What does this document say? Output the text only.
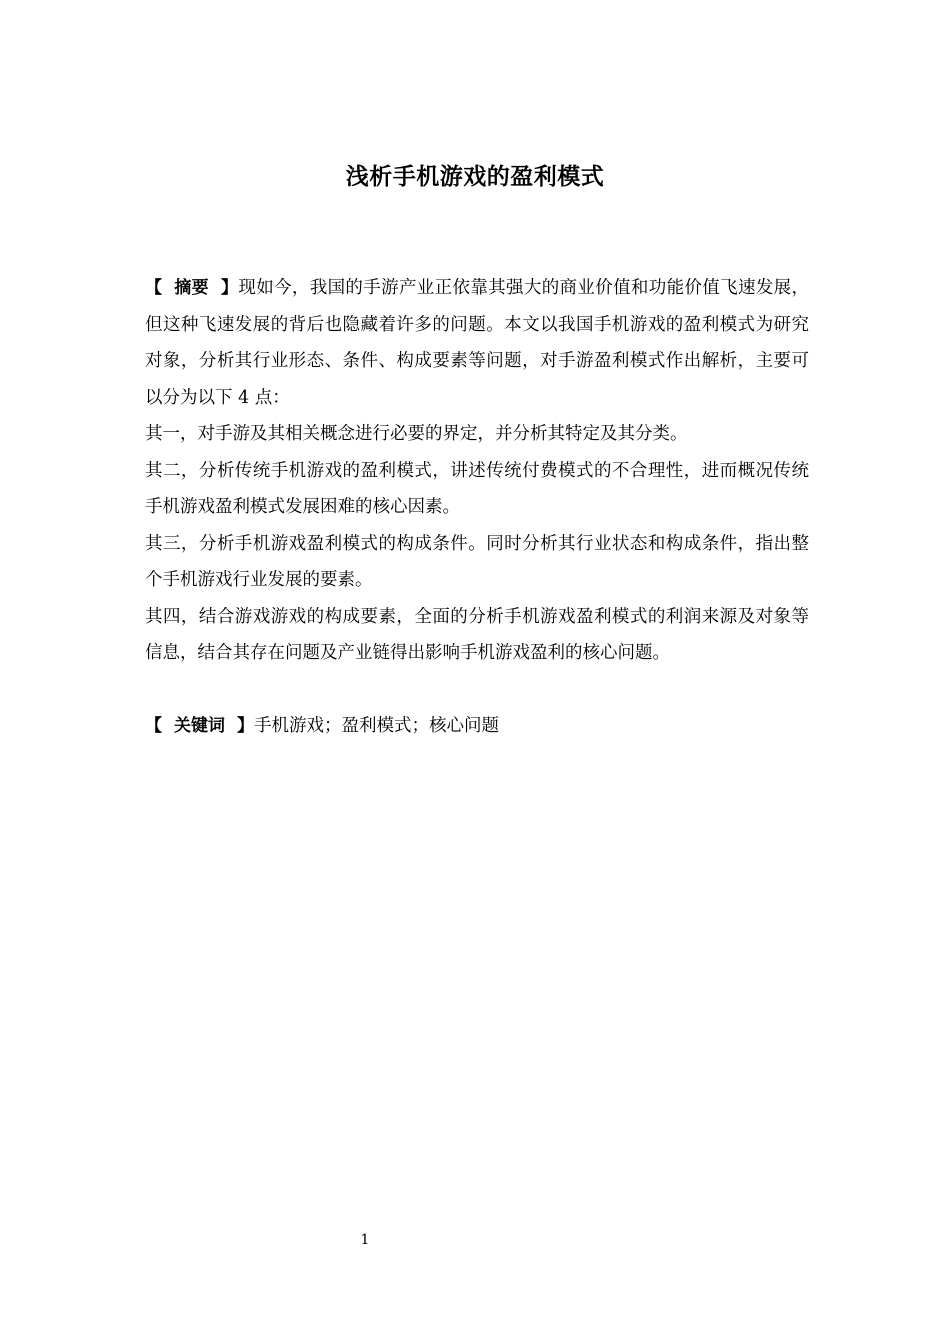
浅析手机游戏的盈利模式

【 摘要 】现如今，我国的手游产业正依靠其强大的商业价值和功能价值飞速发展，但这种飞速发展的背后也隐藏着许多的问题。本文以我国手机游戏的盈利模式为研究对象，分析其行业形态、条件、构成要素等问题，对手游盈利模式作出解析，主要可以分为以下 4 点：

其一，对手游及其相关概念进行必要的界定，并分析其特定及其分类。

其二，分析传统手机游戏的盈利模式，讲述传统付费模式的不合理性，进而概况传统手机游戏盈利模式发展困难的核心因素。

其三，分析手机游戏盈利模式的构成条件。同时分析其行业状态和构成条件，指出整个手机游戏行业发展的要素。

其四，结合游戏游戏的构成要素，全面的分析手机游戏盈利模式的利润来源及对象等信息，结合其存在问题及产业链得出影响手机游戏盈利的核心问题。

【 关键词 】手机游戏；盈利模式；核心问题
1
